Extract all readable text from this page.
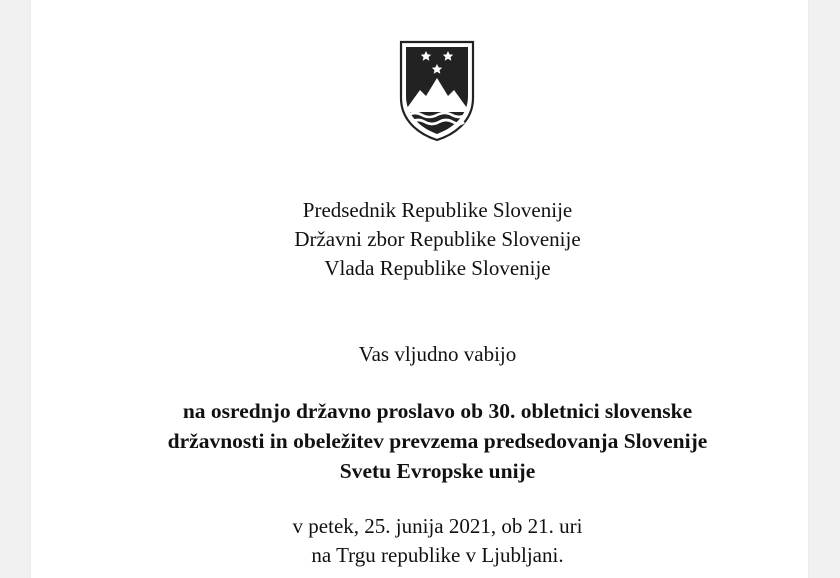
Predsednik Republike Slovenije
Državni zbor Republike Slovenije
Vlada Republike Slovenije
Vas vljudno vabijo
na osrednjo državno proslavo ob 30. obletnici slovenske
državnosti in obeležitev prevzema predsedovanja Slovenije
Svetu Evropske unije
v petek, 25. junija 2021, ob 21. uri
na Trgu republike v Ljubljani.
